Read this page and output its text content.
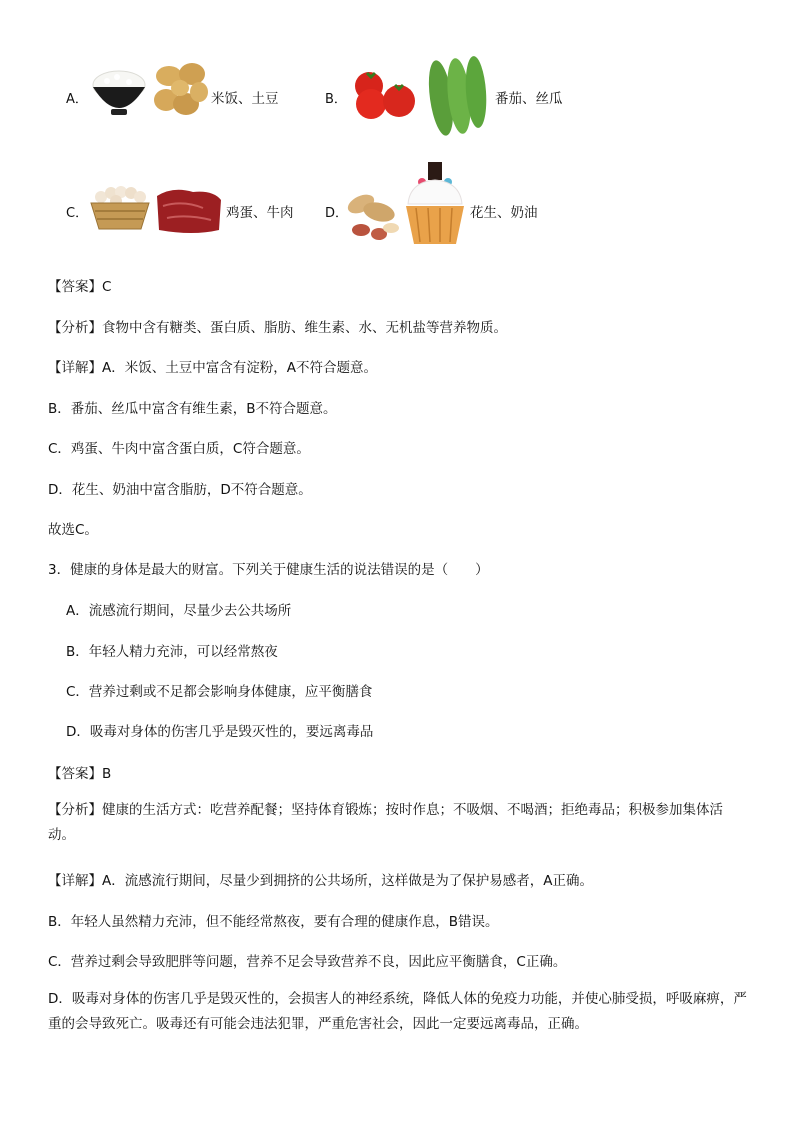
A．	米饭、土豆	B．	番茄、丝瓜
C．	鸡蛋、牛肉 D．	花生、奶油
【答案】C
【分析】食物中含有糖类、蛋白质、脂肪、维生素、水、无机盐等营养物质。
【详解】A．米饭、土豆中富含有淀粉，A不符合题意。
B．番茄、丝瓜中富含有维生素，B不符合题意。
C．鸡蛋、牛肉中富含蛋白质，C符合题意。
D．花生、奶油中富含脂肪，D不符合题意。
故选C。
3．健康的身体是最大的财富。下列关于健康生活的说法错误的是（　　）
A．流感流行期间，尽量少去公共场所
B．年轻人精力充沛，可以经常熬夜
C．营养过剩或不足都会影响身体健康，应平衡膳食
D．吸毒对身体的伤害几乎是毁灭性的，要远离毒品
【答案】B
【分析】健康的生活方式：吃营养配餐；坚持体育锻炼；按时作息；不吸烟、不喝酒；拒绝毒品；积极参加集体活动。
【详解】A．流感流行期间，尽量少到拥挤的公共场所，这样做是为了保护易感者，A正确。
B．年轻人虽然精力充沛，但不能经常熬夜，要有合理的健康作息，B错误。
C．营养过剩会导致肥胖等问题，营养不足会导致营养不良，因此应平衡膳食，C正确。
D．吸毒对身体的伤害几乎是毁灭性的，会损害人的神经系统，降低人体的免疫力功能，并使心肺受损，呼吸麻痹，严重的会导致死亡。吸毒还有可能会违法犯罪，严重危害社会，因此一定要远离毒品，正确。
